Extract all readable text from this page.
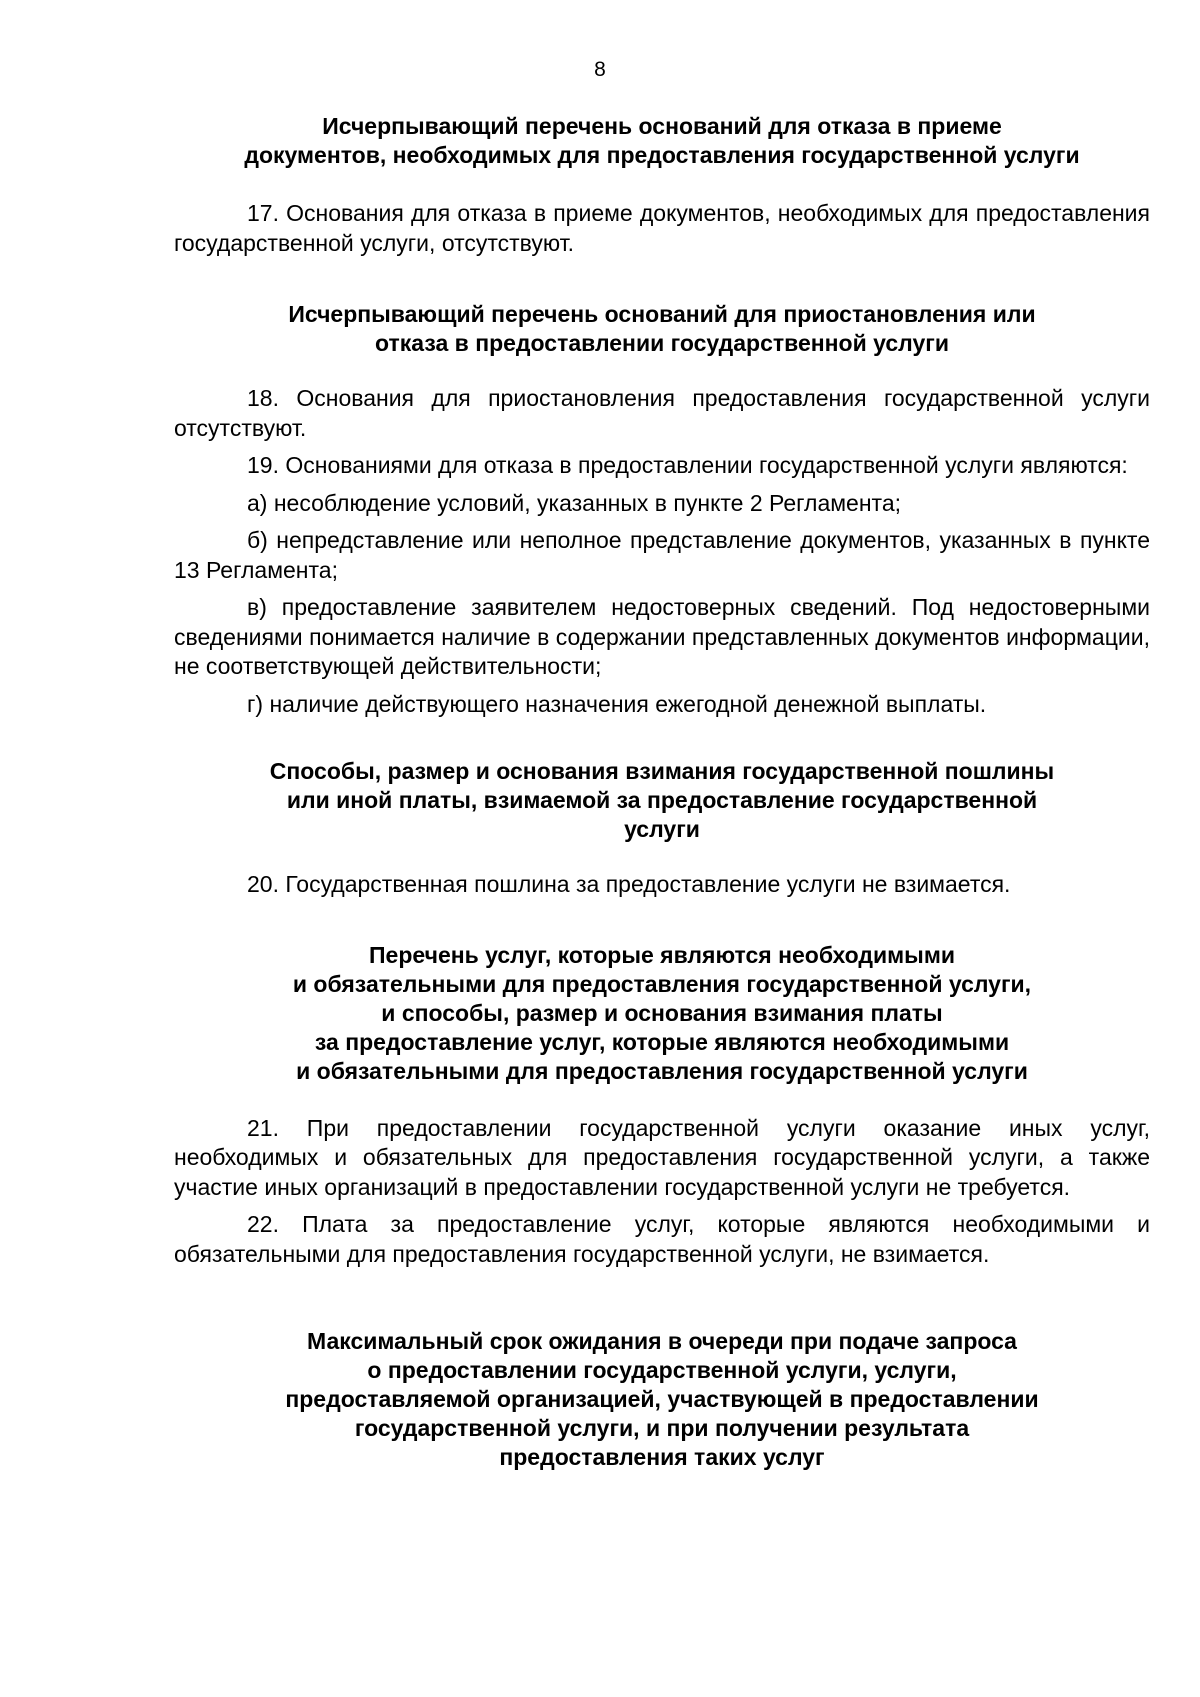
8
Исчерпывающий перечень оснований для отказа в приеме
документов, необходимых для предоставления государственной услуги

17. Основания для отказа в приеме документов, необходимых для предоставления государственной услуги, отсутствуют.

Исчерпывающий перечень оснований для приостановления или
отказа в предоставлении государственной услуги

18. Основания для приостановления предоставления государственной услуги отсутствуют.

19. Основаниями для отказа в предоставлении государственной услуги являются:

а) несоблюдение условий, указанных в пункте 2 Регламента;

б) непредставление или неполное представление документов, указанных в пункте 13 Регламента;

в) предоставление заявителем недостоверных сведений. Под недостоверными сведениями понимается наличие в содержании представленных документов информации, не соответствующей действительности;

г) наличие действующего назначения ежегодной денежной выплаты.

Способы, размер и основания взимания государственной пошлины
или иной платы, взимаемой за предоставление государственной
услуги

20. Государственная пошлина за предоставление услуги не взимается.

Перечень услуг, которые являются необходимыми
и обязательными для предоставления государственной услуги,
и способы, размер и основания взимания платы
за предоставление услуг, которые являются необходимыми
и обязательными для предоставления государственной услуги

21. При предоставлении государственной услуги оказание иных услуг, необходимых и обязательных для предоставления государственной услуги, а также участие иных организаций в предоставлении государственной услуги не требуется.

22. Плата за предоставление услуг, которые являются необходимыми и обязательными для предоставления государственной услуги, не взимается.

Максимальный срок ожидания в очереди при подаче запроса
о предоставлении государственной услуги, услуги,
предоставляемой организацией, участвующей в предоставлении
государственной услуги, и при получении результата
предоставления таких услуг
